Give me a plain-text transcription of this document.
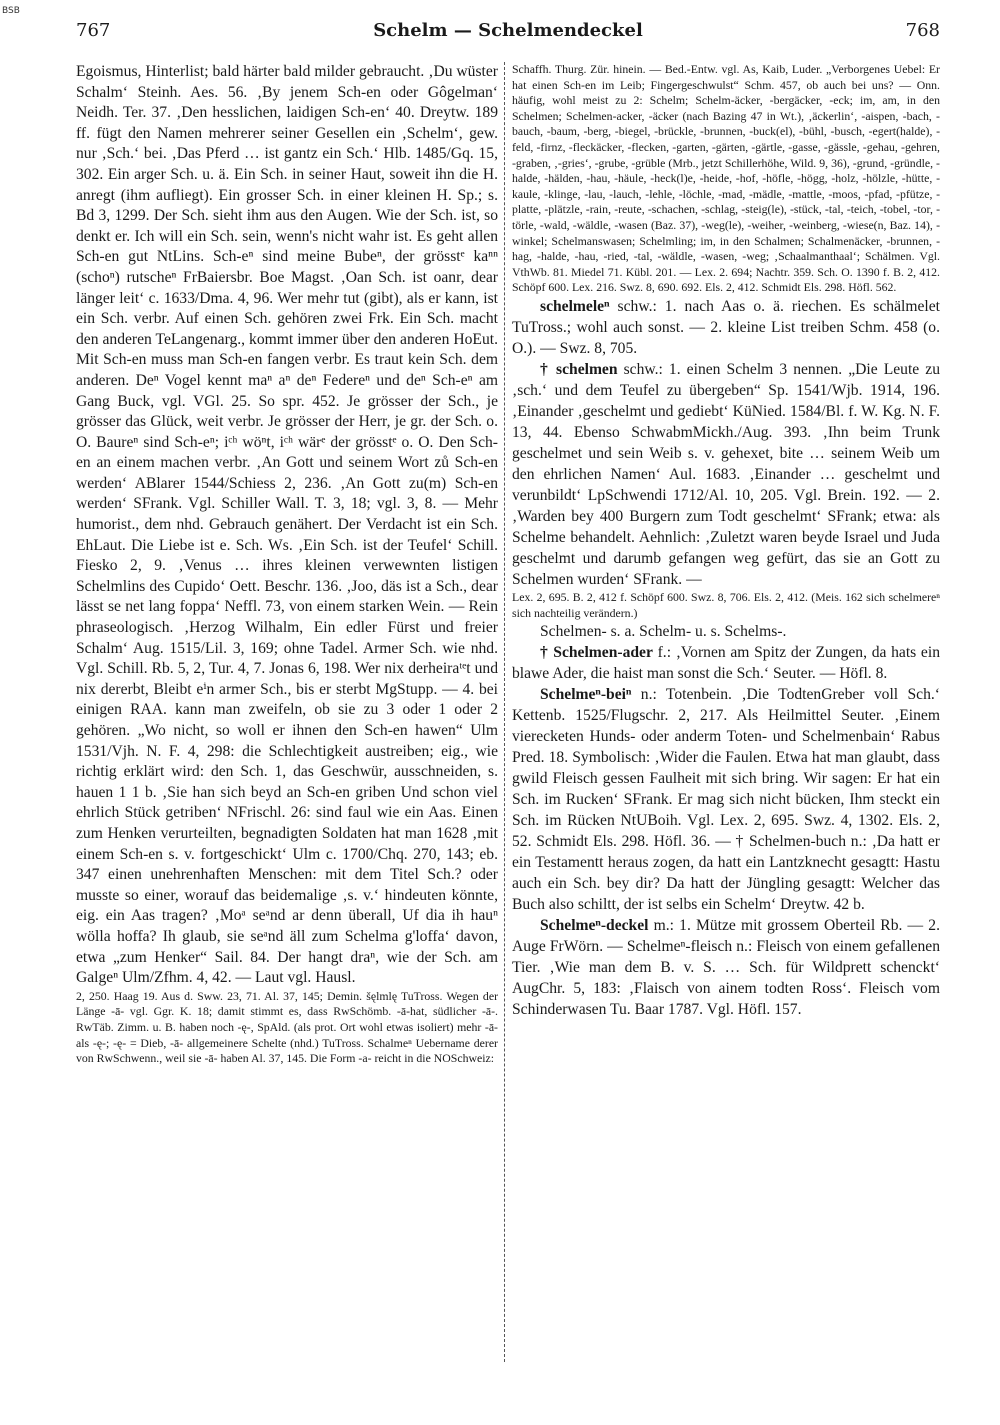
BSB
767	Schelm — Schelmendeckel	768

Egoismus, Hinterlist; bald härter bald milder gebraucht. ‚Du wüster Schalm‘ Steinh. Aes. 56. ‚By jenem Sch-en oder Gôgelman‘ Neidh. Ter. 37. ‚Den hesslichen, laidigen Sch-en‘ 40. Dreytw. 189 ff. fügt den Namen mehrerer seiner Gesellen ein ‚Schelm‘, gew. nur ‚Sch.‘ bei. ‚Das Pferd … ist gantz ein Sch.‘ Hlb. 1485/Gq. 15, 302. Ein arger Sch. u. ä. Ein Sch. in seiner Haut, soweit ihn die H. anregt (ihm aufliegt). Ein grosser Sch. in einer kleinen H. Sp.; s. Bd 3, 1299. Der Sch. sieht ihm aus den Augen. Wie der Sch. ist, so denkt er. Ich will ein Sch. sein, wenn's nicht wahr ist. Es geht allen Sch-en gut NtLins. Sch-eⁿ sind meine Bubeⁿ, der grösstᵉ kaⁿⁿ (schoⁿ) rutscheⁿ FrBaiersbr. Boe Magst. ‚Oan Sch. ist oanr, dear länger leit‘ c. 1633/Dma. 4, 96. Wer mehr tut (gibt), als er kann, ist ein Sch. verbr. Auf einen Sch. gehören zwei Frk. Ein Sch. macht den anderen TeLangenarg., kommt immer über den anderen HoEut. Mit Sch-en muss man Sch-en fangen verbr. Es traut kein Sch. dem anderen. Deⁿ Vogel kennt maⁿ aⁿ deⁿ Federeⁿ und deⁿ Sch-eⁿ am Gang Buck, vgl. VGl. 25. So spr. 452. Je grösser der Sch., je grösser das Glück, weit verbr. Je grösser der Herr, je gr. der Sch. o. O. Baureⁿ sind Sch-eⁿ; iᶜʰ wöⁿt, iᶜʰ wärᵉ der grösstᵉ o. O. Den Sch-en an einem machen verbr. ‚An Gott und seinem Wort zů Sch-en werden‘ ABlarer 1544/Schiess 2, 236. ‚An Gott zu(m) Sch-en werden‘ SFrank. Vgl. Schiller Wall. T. 3, 18; vgl. 3, 8. — Mehr humorist., dem nhd. Gebrauch genähert. Der Verdacht ist ein Sch. EhLaut. Die Liebe ist e. Sch. Ws. ‚Ein Sch. ist der Teufel‘ Schill. Fiesko 2, 9. ‚Venus … ihres kleinen verwewnten listigen Schelmlins des Cupido‘ Oett. Beschr. 136. ‚Joo, däs ist a Sch., dear lässt se net lang foppa‘ Neffl. 73, von einem starken Wein. — Rein phraseologisch. ‚Herzog Wilhalm, Ein edler Fürst und freier Schalm‘ Aug. 1515/Lil. 3, 169; ohne Tadel. Armer Sch. wie nhd. Vgl. Schill. Rb. 5, 2, Tur. 4, 7. Jonas 6, 198. Wer nix derheiraᵗᵉt und nix dererbt, Bleibt eⁱn armer Sch., bis er sterbt MgStupp. — 4. bei einigen RAA. kann man zweifeln, ob sie zu 3 oder 1 oder 2 gehören. „Wo nicht, so woll er ihnen den Sch-en hawen“ Ulm 1531/Vjh. N. F. 4, 298: die Schlechtigkeit austreiben; eig., wie richtig erklärt wird: den Sch. 1, das Geschwür, ausschneiden, s. hauen 1 1 b. ‚Sie han sich beyd an Sch-en griben Und schon viel ehrlich Stück getriben‘ NFrischl. 26: sind faul wie ein Aas. Einen zum Henken verurteilten, begnadigten Soldaten hat man 1628 ‚mit einem Sch-en s. v. fortgeschickt‘ Ulm c. 1700/Chq. 270, 143; eb. 347 einen unehrenhaften Menschen: mit dem Titel Sch.? oder musste so einer, worauf das beidemalige ‚s. v.‘ hindeuten könnte, eig. ein Aas tragen? ‚Moᵃ seᵃnd ar denn überall, Uf dia ih hauⁿ wölla hoffa? Ih glaub, sie seᵃnd äll zum Schelma g'loffa‘ davon, etwa „zum Henker“ Sail. 84. Der hangt draⁿ, wie der Sch. am Galgeⁿ Ulm/Zfhm. 4, 42. — Laut vgl. Hausl.

2, 250. Haag 19. Aus d. Sww. 23, 71. Al. 37, 145; Demin. šęlmlę TuTross. Wegen der Länge -ā- vgl. Ggr. K. 18; damit stimmt es, dass RwSchömb. -ā-hat, südlicher -ā-. RwTäb. Zimm. u. B. haben noch -ę-, SpAld. (als prot. Ort wohl etwas isoliert) mehr -ā- als -ę-; -ę- = Dieb, -ā- allgemeinere Schelte (nhd.) TuTross. Schalmeⁿ Uebername derer von RwSchwenn., weil sie -ā- haben Al. 37, 145. Die Form -a- reicht in die NOSchweiz:

Schaffh. Thurg. Zür. hinein. — Bed.-Entw. vgl. As, Kaib, Luder. „Verborgenes Uebel: Er hat einen Sch-en im Leib; Fingergeschwulst“ Schm. 457, ob auch bei uns? — Onn. häufig, wohl meist zu 2: Schelm; Schelm-äcker, -bergäcker, -eck; im, am, in den Schelmen; Schelmen-acker, -äcker (nach Bazing 47 in Wt.), ‚äckerlin‘, -aispen, -bach, -bauch, -baum, -berg, -biegel, -brückle, -brunnen, -buck(el), -bühl, -busch, -egert(halde), -feld, -firnz, -fleckäcker, -flecken, -garten, -gärten, -gärtle, -gasse, -gässle, -gehau, -gehren, -graben, ‚-gries‘, -grube, -grüble (Mrb., jetzt Schillerhöhe, Wild. 9, 36), -grund, -gründle, -halde, -hälden, -hau, -häule, -heck(l)e, -heide, -hof, -höfle, -högg, -holz, -hölzle, -hütte, -kaule, -klinge, -lau, -lauch, -lehle, -löchle, -mad, -mädle, -mattle, -moos, -pfad, -pfütze, -platte, -plätzle, -rain, -reute, -schachen, -schlag, -steig(le), -stück, -tal, -teich, -tobel, -tor, -törle, -wald, -wäldle, -wasen (Baz. 37), -weg(le), -weiher, -weinberg, -wiese(n, Baz. 14), -winkel; Schelmanswasen; Schelmling; im, in den Schalmen; Schalmenäcker, -brunnen, -hag, -halde, -hau, -ried, -tal, -wäldle, -wasen, -weg; ‚Schaalmanthaal‘; Schälmen. Vgl. VthWb. 81. Miedel 71. Kübl. 201. — Lex. 2. 694; Nachtr. 359. Sch. O. 1390 f. B. 2, 412. Schöpf 600. Lex. 216. Swz. 8, 690. 692. Els. 2, 412. Schmidt Els. 298. Höfl. 562.

schelmeleⁿ schw.: 1. nach Aas o. ä. riechen. Es schälmelet TuTross.; wohl auch sonst. — 2. kleine List treiben Schm. 458 (o. O.). — Swz. 8, 705.

† schelmen schw.: 1. einen Schelm 3 nennen. „Die Leute zu ‚sch.‘ und dem Teufel zu übergeben“ Sp. 1541/Wjb. 1914, 196. ‚Einander ‚geschelmt und gediebt‘ KüNied. 1584/Bl. f. W. Kg. N. F. 13, 44. Ebenso SchwabmMickh./Aug. 393. ‚Ihn beim Trunk geschelmet und sein Weib s. v. gehexet, bite … seinem Weib um den ehrlichen Namen‘ Aul. 1683. ‚Einander … geschelmt und verunbildt‘ LpSchwendi 1712/Al. 10, 205. Vgl. Brein. 192. — 2. ‚Warden bey 400 Burgern zum Todt geschelmt‘ SFrank; etwa: als Schelme behandelt. Aehnlich: ‚Zuletzt waren beyde Israel und Juda geschelmt und darumb gefangen weg gefürt, das sie an Gott zu Schelmen wurden‘ SFrank. —

Lex. 2, 695. B. 2, 412 f. Schöpf 600. Swz. 8, 706. Els. 2, 412. (Meis. 162 sich schelmereⁿ sich nachteilig verändern.)

Schelmen- s. a. Schelm- u. s. Schelms-.

† Schelmen-ader f.: ‚Vornen am Spitz der Zungen, da hats ein blawe Ader, die haist man sonst die Sch.‘ Seuter. — Höfl. 8.

Schelmeⁿ-beiⁿ n.: Totenbein. ‚Die TodtenGreber voll Sch.‘ Kettenb. 1525/Flugschr. 2, 217. Als Heilmittel Seuter. ‚Einem vierecketen Hunds- oder anderm Toten- und Schelmenbain‘ Rabus Pred. 18. Symbolisch: ‚Wider die Faulen. Etwa hat man glaubt, dass gwild Fleisch gessen Faulheit mit sich bring. Wir sagen: Er hat ein Sch. im Rucken‘ SFrank. Er mag sich nicht bücken, Ihm steckt ein Sch. im Rücken NtUBoih. Vgl. Lex. 2, 695. Swz. 4, 1302. Els. 2, 52. Schmidt Els. 298. Höfl. 36. — † Schelmen-buch n.: ‚Da hatt er ein Testamentt heraus zogen, da hatt ein Lantzknecht gesagtt: Hastu auch ein Sch. bey dir? Da hatt der Jüngling gesagtt: Welcher das Buch also schiltt, der ist selbs ein Schelm‘ Dreytw. 42 b.

Schelmeⁿ-deckel m.: 1. Mütze mit grossem Oberteil Rb. — 2. Auge FrWörn. — Schelmeⁿ-fleisch n.: Fleisch von einem gefallenen Tier. ‚Wie man dem B. v. S. … Sch. für Wildprett schenckt‘ AugChr. 5, 183: ‚Flaisch von ainem todten Ross‘. Fleisch vom Schinderwasen Tu. Baar 1787. Vgl. Höfl. 157.
